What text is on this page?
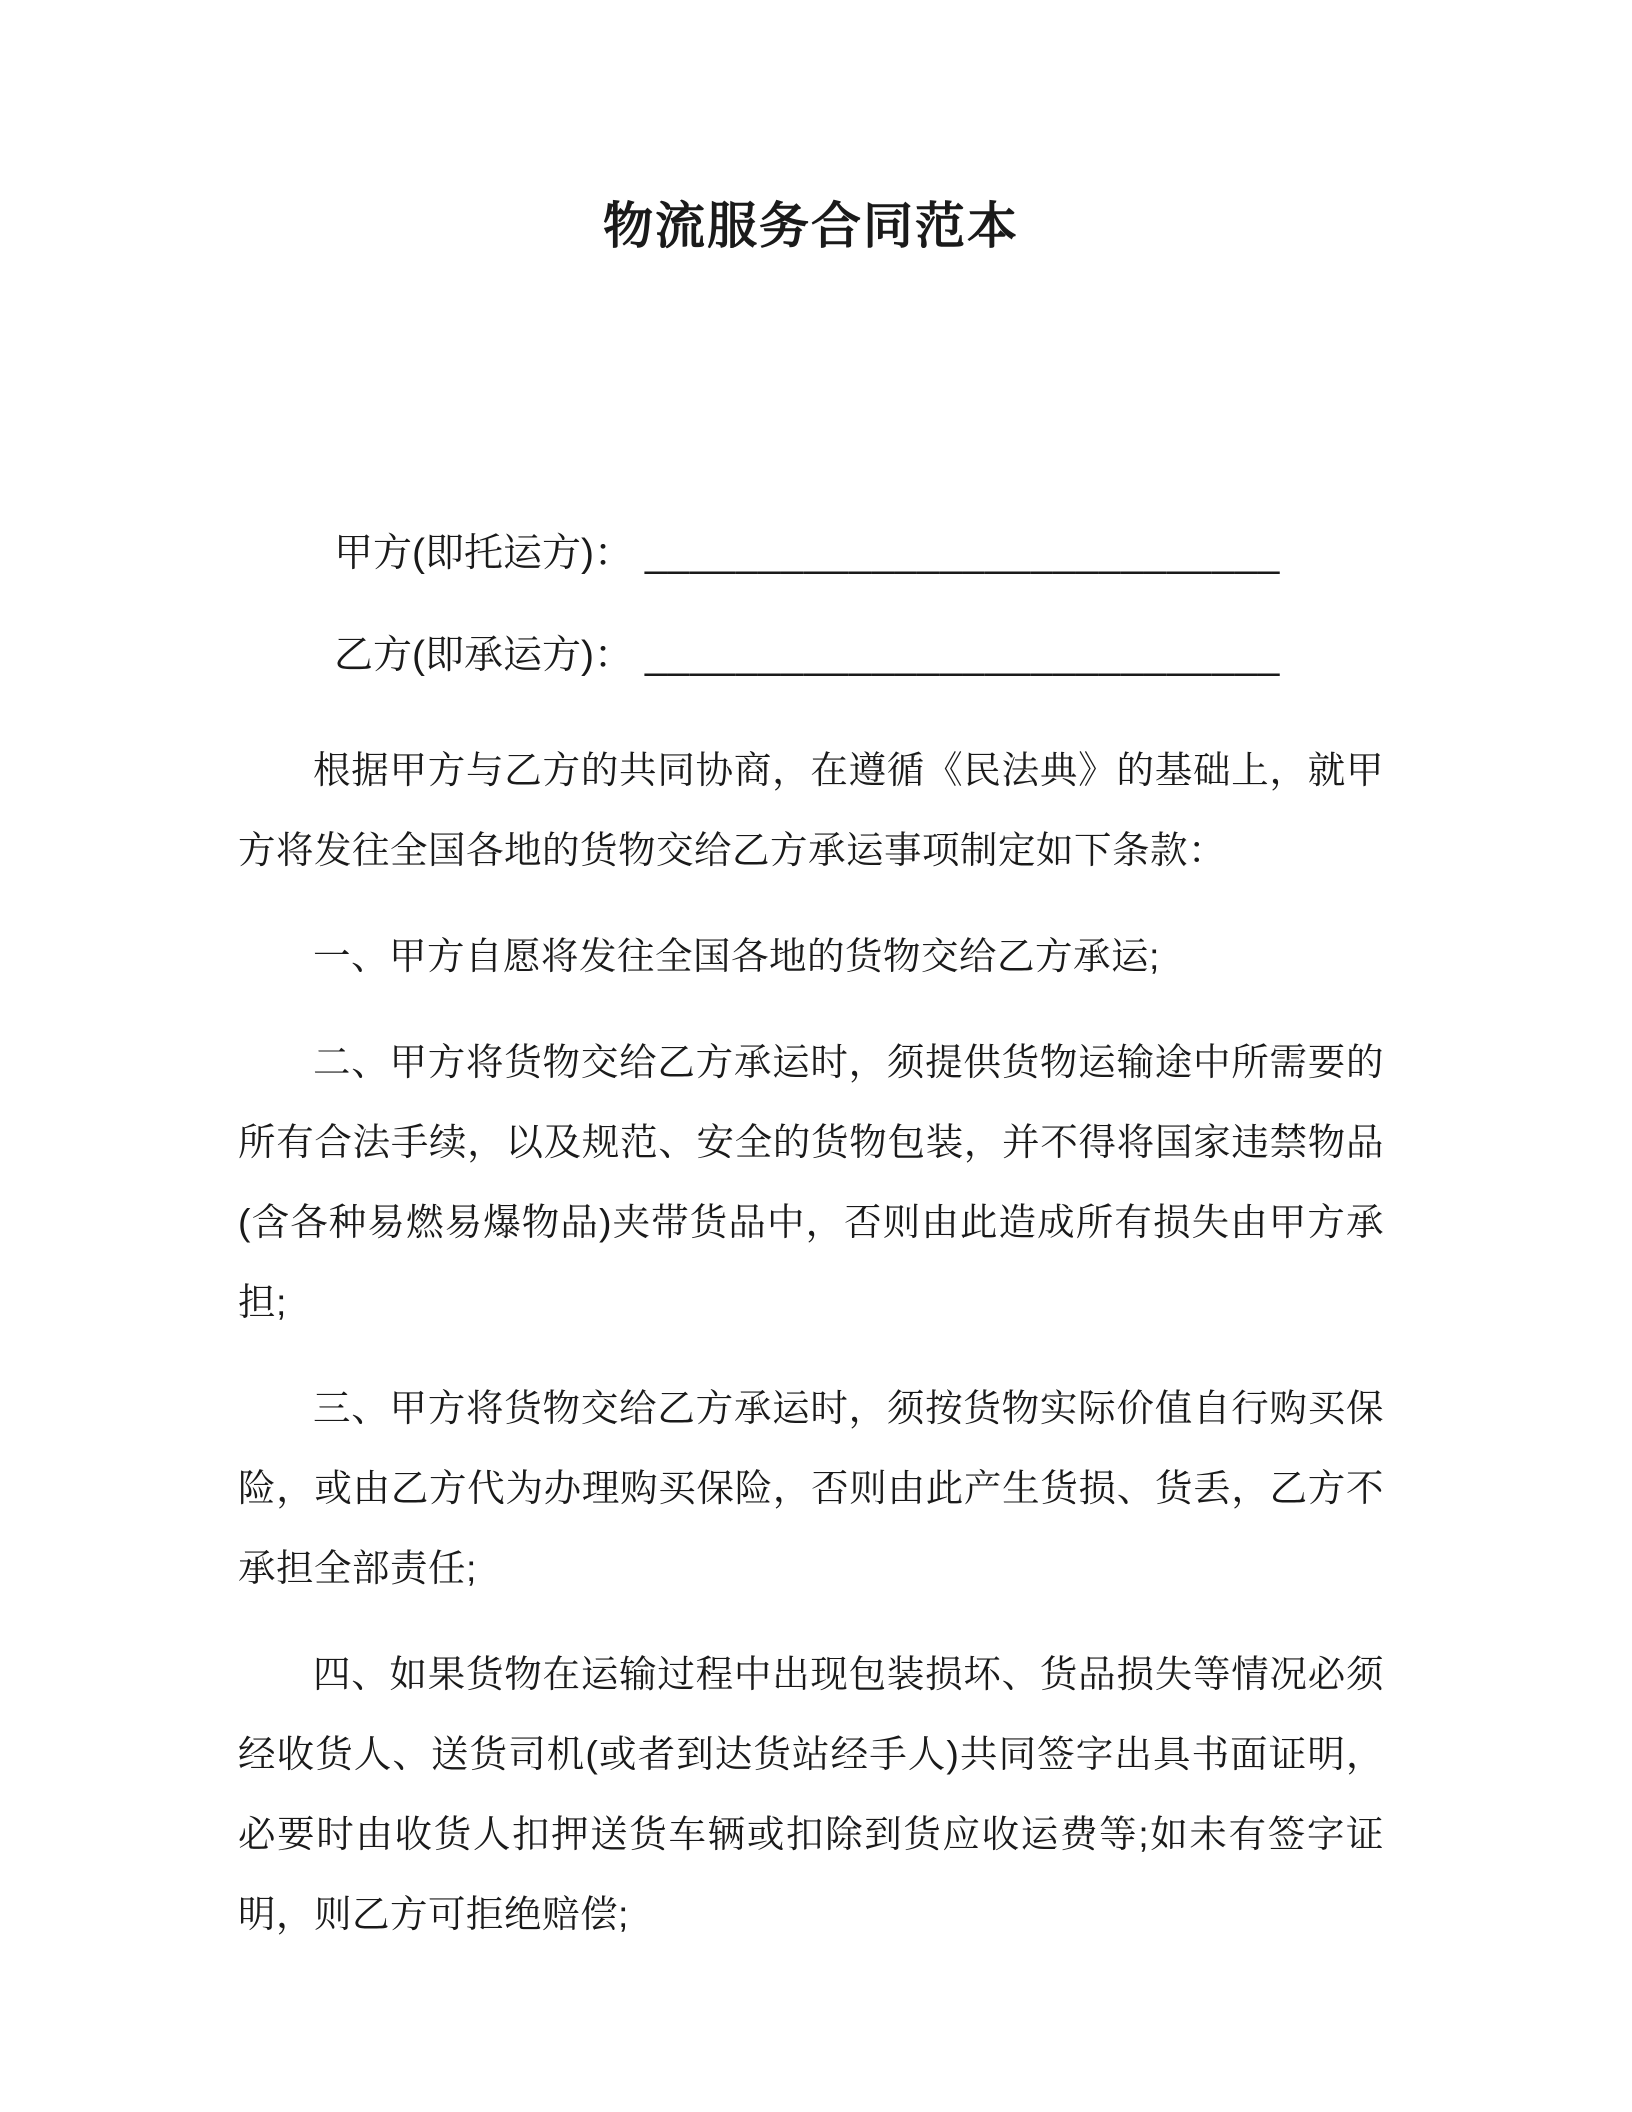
物流服务合同范本

甲方(即托运方)： ____________________________

乙方(即承运方)： ____________________________

根据甲方与乙方的共同协商，在遵循《民法典》的基础上，就甲方将发往全国各地的货物交给乙方承运事项制定如下条款：

一、甲方自愿将发往全国各地的货物交给乙方承运;

二、甲方将货物交给乙方承运时，须提供货物运输途中所需要的所有合法手续，以及规范、安全的货物包装，并不得将国家违禁物品(含各种易燃易爆物品)夹带货品中，否则由此造成所有损失由甲方承担;

三、甲方将货物交给乙方承运时，须按货物实际价值自行购买保险，或由乙方代为办理购买保险，否则由此产生货损、货丢，乙方不承担全部责任;

四、如果货物在运输过程中出现包装损坏、货品损失等情况必须经收货人、送货司机(或者到达货站经手人)共同签字出具书面证明，必要时由收货人扣押送货车辆或扣除到货应收运费等;如未有签字证明，则乙方可拒绝赔偿;
